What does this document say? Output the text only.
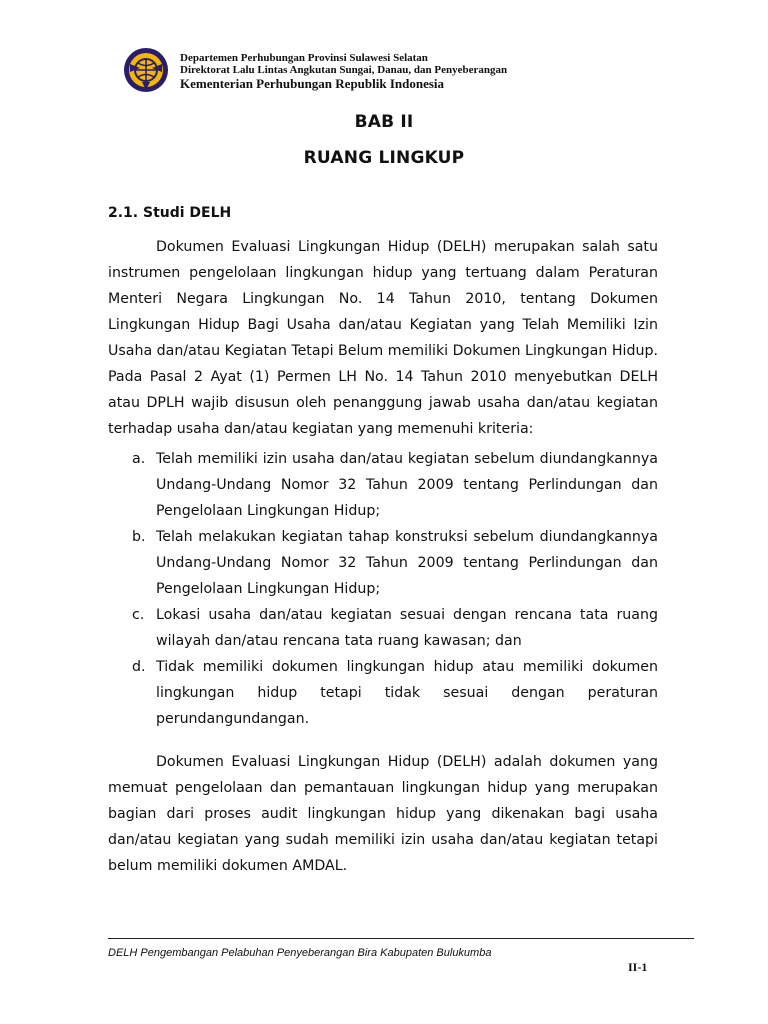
Departemen Perhubungan Provinsi Sulawesi Selatan
Direktorat Lalu Lintas Angkutan Sungai, Danau, dan Penyeberangan
Kementerian Perhubungan Republik Indonesia
BAB II
RUANG LINGKUP
2.1. Studi DELH
Dokumen Evaluasi Lingkungan Hidup (DELH) merupakan salah satu instrumen pengelolaan lingkungan hidup yang tertuang dalam Peraturan Menteri Negara Lingkungan No. 14 Tahun 2010, tentang Dokumen Lingkungan Hidup Bagi Usaha dan/atau Kegiatan yang Telah Memiliki Izin Usaha dan/atau Kegiatan Tetapi Belum memiliki Dokumen Lingkungan Hidup. Pada Pasal 2 Ayat (1) Permen LH No. 14 Tahun 2010 menyebutkan DELH atau DPLH wajib disusun oleh penanggung jawab usaha dan/atau kegiatan terhadap usaha dan/atau kegiatan yang memenuhi kriteria:
a. Telah memiliki izin usaha dan/atau kegiatan sebelum diundangkannya Undang-Undang Nomor 32 Tahun 2009 tentang Perlindungan dan Pengelolaan Lingkungan Hidup;
b. Telah melakukan kegiatan tahap konstruksi sebelum diundangkannya Undang-Undang Nomor 32 Tahun 2009 tentang Perlindungan dan Pengelolaan Lingkungan Hidup;
c. Lokasi usaha dan/atau kegiatan sesuai dengan rencana tata ruang wilayah dan/atau rencana tata ruang kawasan; dan
d. Tidak memiliki dokumen lingkungan hidup atau memiliki dokumen lingkungan hidup tetapi tidak sesuai dengan peraturan perundangundangan.
Dokumen Evaluasi Lingkungan Hidup (DELH) adalah dokumen yang memuat pengelolaan dan pemantauan lingkungan hidup yang merupakan bagian dari proses audit lingkungan hidup yang dikenakan bagi usaha dan/atau kegiatan yang sudah memiliki izin usaha dan/atau kegiatan tetapi belum memiliki dokumen AMDAL.
DELH Pengembangan Pelabuhan Penyeberangan Bira Kabupaten Bulukumba
II-1
